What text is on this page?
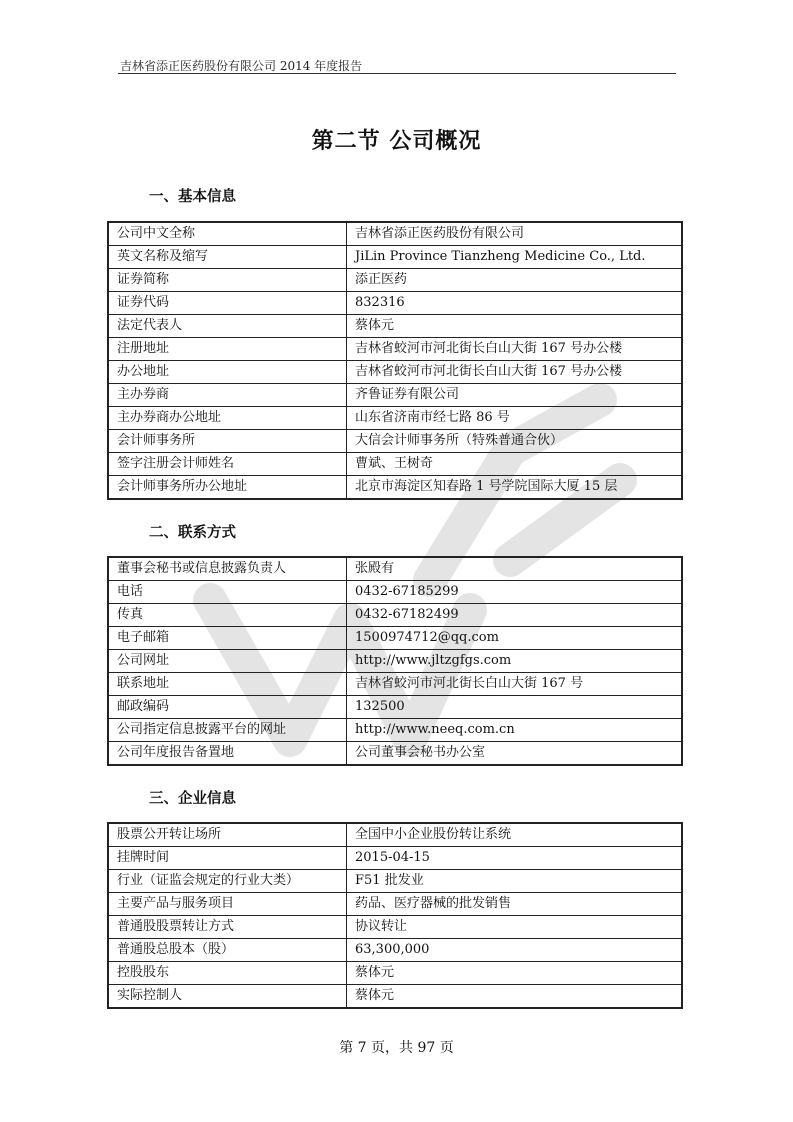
吉林省添正医药股份有限公司 2014 年度报告
第二节 公司概况
一、基本信息
公司中文全称	吉林省添正医药股份有限公司
英文名称及缩写	JiLin Province Tianzheng Medicine Co., Ltd.
证券简称	添正医药
证券代码	832316
法定代表人	蔡体元
注册地址	吉林省蛟河市河北街长白山大街 167 号办公楼
办公地址	吉林省蛟河市河北街长白山大街 167 号办公楼
主办券商	齐鲁证券有限公司
主办券商办公地址	山东省济南市经七路 86 号
会计师事务所	大信会计师事务所（特殊普通合伙）
签字注册会计师姓名	曹斌、王树奇
会计师事务所办公地址	北京市海淀区知春路 1 号学院国际大厦 15 层
二、联系方式
董事会秘书或信息披露负责人	张殿有
电话	0432-67185299
传真	0432-67182499
电子邮箱	1500974712@qq.com
公司网址	http://www.jltzgfgs.com
联系地址	吉林省蛟河市河北街长白山大街 167 号
邮政编码	132500
公司指定信息披露平台的网址	http://www.neeq.com.cn
公司年度报告备置地	公司董事会秘书办公室
三、企业信息
股票公开转让场所	全国中小企业股份转让系统
挂牌时间	2015-04-15
行业（证监会规定的行业大类）	F51 批发业
主要产品与服务项目	药品、医疗器械的批发销售
普通股股票转让方式	协议转让
普通股总股本（股）	63,300,000
控股股东	蔡体元
实际控制人	蔡体元
第 7 页，共 97 页
